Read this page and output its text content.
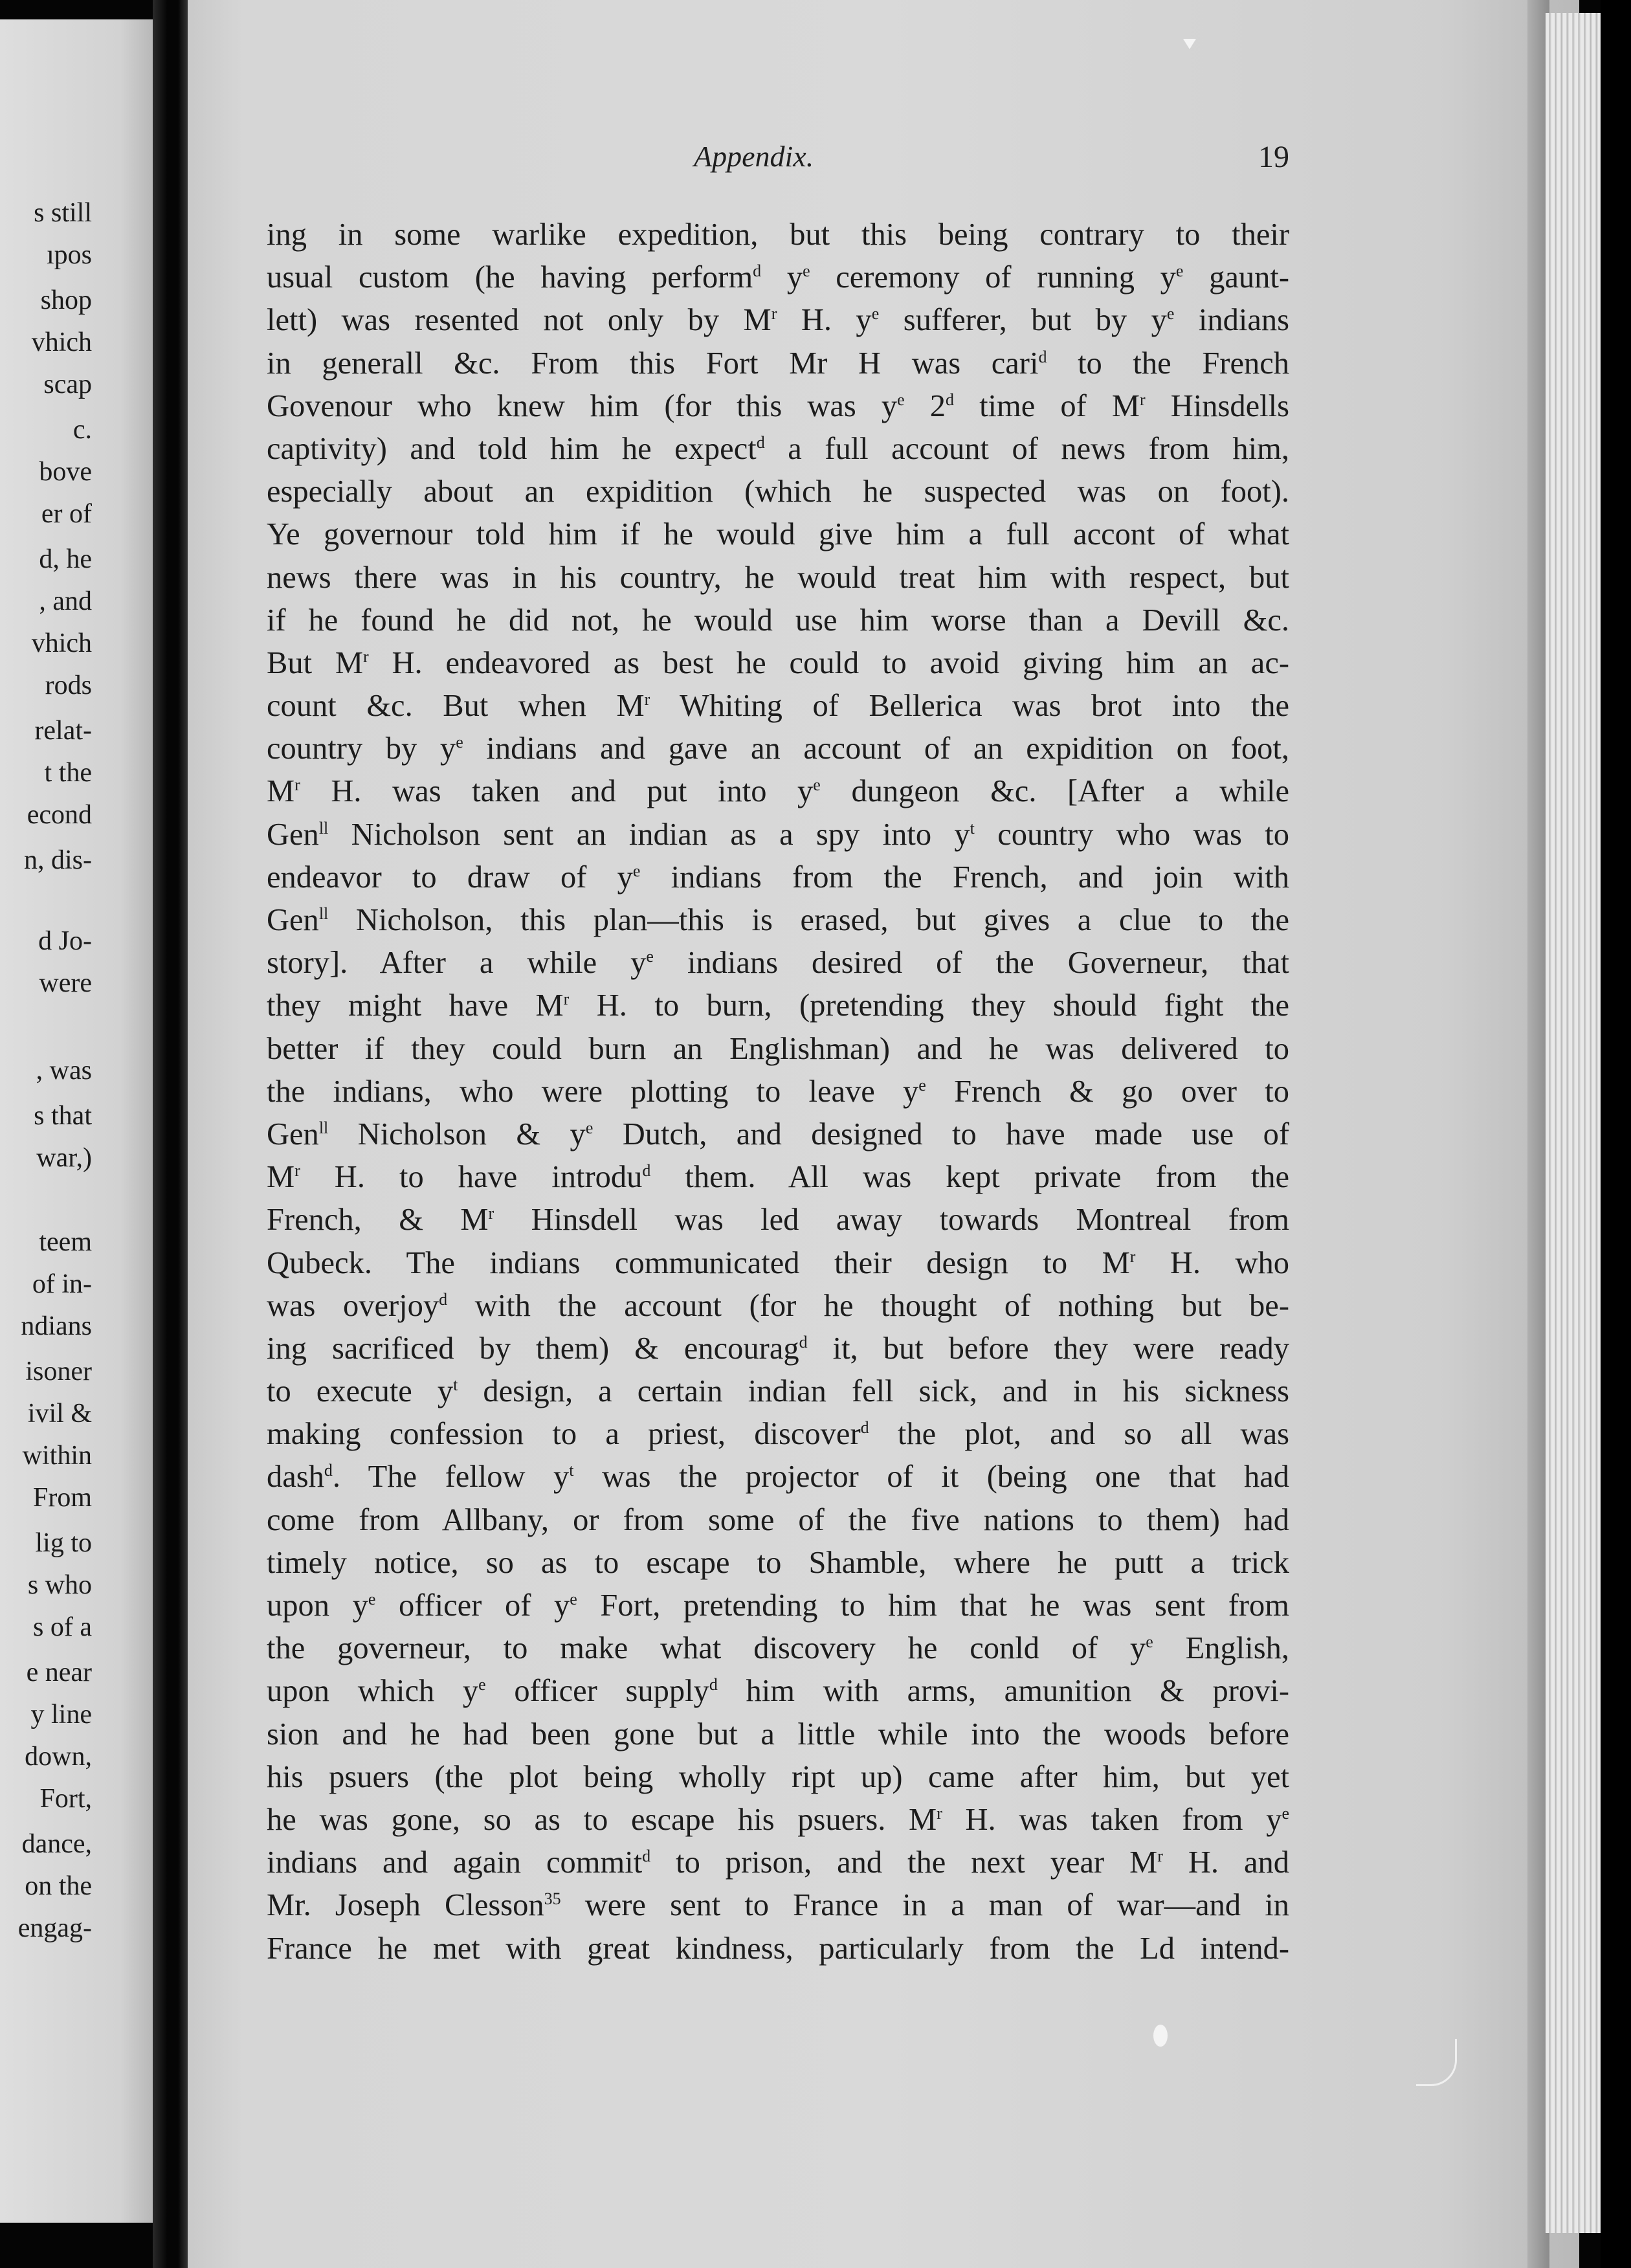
s still
ıpos
shop
vhich
scap
c.
bove
er of
d, he
, and
vhich
rods
relat-
t the
econd
n, dis-
d Jo-
were
, was
s that
war,)
teem
of in-
ndians
isoner
ivil &
within
From
lig to
s who
s of a
e near
y line
down,
Fort,
dance,
on the
engag-
Appendix.	19
ing in some warlike expedition, but this being contrary to their
usual custom (he having perform$^d$ $y^e$ ceremony of running $y^e$ gaunt-
lett) was resented not only by $M^r$ H. $y^e$ sufferer, but by $y^e$ indians
in generall &c. From this Fort Mr H was cari$^d$ to the French
Govenour who knew him (for this was $y^e$ 2$^d$ time of $M^r$ Hinsdells
captivity) and told him he expect$^d$ a full account of news from him,
especially about an expidition (which he suspected was on foot).
Ye governour told him if he would give him a full accont of what
news there was in his country, he would treat him with respect, but
if he found he did not, he would use him worse than a Devill &c.
But $M^r$ H. endeavored as best he could to avoid giving him an ac-
count &c. But when $M^r$ Whiting of Bellerica was brot into the
country by $y^e$ indians and gave an account of an expidition on foot,
$M^r$ H. was taken and put into $y^e$ dungeon &c. [After a while
Gen$^{ll}$ Nicholson sent an indian as a spy into $y^t$ country who was to
endeavor to draw of $y^e$ indians from the French, and join with
Gen$^{ll}$ Nicholson, this plan—this is erased, but gives a clue to the
story]. After a while $y^e$ indians desired of the Governeur, that
they might have $M^r$ H. to burn, (pretending they should fight the
better if they could burn an Englishman) and he was delivered to
the indians, who were plotting to leave $y^e$ French & go over to
Gen$^{ll}$ Nicholson & $y^e$ Dutch, and designed to have made use of
$M^r$ H. to have introdu$^d$ them. All was kept private from the
French, & $M^r$ Hinsdell was led away towards Montreal from
Qubeck. The indians communicated their design to $M^r$ H. who
was overjoy$^d$ with the account (for he thought of nothing but be-
ing sacrificed by them) & encourag$^d$ it, but before they were ready
to execute $y^t$ design, a certain indian fell sick, and in his sickness
making confession to a priest, discover$^d$ the plot, and so all was
dash$^d$. The fellow $y^t$ was the projector of it (being one that had
come from Allbany, or from some of the five nations to them) had
timely notice, so as to escape to Shamble, where he putt a trick
upon $y^e$ officer of $y^e$ Fort, pretending to him that he was sent from
the governeur, to make what discovery he conld of $y^e$ English,
upon which $y^e$ officer supply$^d$ him with arms, amunition & provi-
sion and he had been gone but a little while into the woods before
his psuers (the plot being wholly ript up) came after him, but yet
he was gone, so as to escape his psuers. $M^r$ H. was taken from $y^e$
indians and again commit$^d$ to prison, and the next year $M^r$ H. and
Mr. Joseph Clesson$^{35}$ were sent to France in a man of war—and in
France he met with great kindness, particularly from the Ld intend-
